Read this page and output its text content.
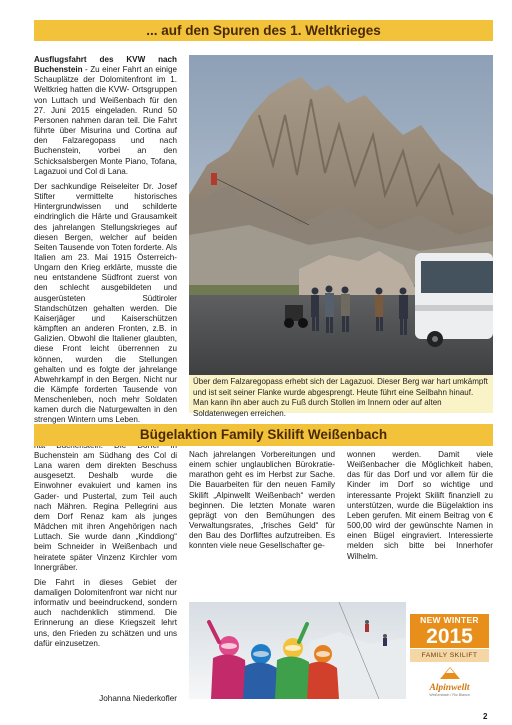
... auf den Spuren des 1. Weltkrieges

Ausflugsfahrt des KVW nach Buchenstein - Zu einer Fahrt an einige Schauplätze der Dolomitenfront im 1. Weltkrieg hatten die KVW- Ortsgruppen von Luttach und Weißenbach für den 27. Juni 2015 eingeladen. Rund 50 Personen nahmen daran teil. Die Fahrt führte über Misurina und Cortina auf den Falzaregopass und nach Buchenstein, vorbei an den Schicksalsbergen Monte Piano, Tofana, Lagazuoi und Col di Lana.

Der sachkundige Reiseleiter Dr. Josef Stifter vermittelte historisches Hintergrundwissen und schilderte eindringlich die Härte und Grausamkeit des jahrelangen Stellungskrieges auf diesen Bergen, welcher auf beiden Seiten Tausende von Toten forderte. Als Italien am 23. Mai 1915 Österreich-Ungarn den Krieg erklärte, musste die neu entstandene Südfront zuerst von den schlecht ausgebildeten und ausgerüsteten Südtiroler Standschützen gehalten werden. Die Kaiserjäger und Kaiserschützen kämpften an anderen Fronten, z.B. in Galizien. Obwohl die Italiener glaubten, diese Front leicht überrennen zu können, wurden die Stellungen gehalten und es folgte der jahrelange Abwehrkampf in den Bergen. Nicht nur die Kämpfe forderten Tausende von Menschenleben, noch mehr Soldaten kamen durch die Naturgewalten in den strengen Wintern ums Leben.

Buchenstein am Südhang des Col di Lana waren dem direkten Beschuss ausgesetzt. Deshalb wurde die Einwohner evakuiert und kamen ins Gader- und Pustertal, zum Teil auch nach Mähren. Regina Pellegrini aus dem Dorf Renaz kam als junges Mädchen mit ihren Angehörigen nach Luttach. Sie wurde dann „Kinddiong“ beim Schneider in Weißenbach und heiratete später Vinzenz Kirchler vom Innergräber.

Die Fahrt in dieses Gebiet der damaligen Dolomitenfront war nicht nur informativ und beeindruckend, sondern auch nachdenklich stimmend. Die Erinnerung an diese Kriegszeit lehrt uns, den Frieden zu schätzen und uns dafür einzusetzen.

Johanna Niederkofler
Über dem Falzaregopass erhebt sich der Lagazuoi. Dieser Berg war hart umkämpft und ist seit seiner Flanke wurde abgesprengt. Heute führt eine Seilbahn hinauf. Man kann ihn aber auch zu Fuß durch Stollen im Innern oder auf alten Soldatenwegen erreichen.
Bügelaktion Family Skilift Weißenbach

Nach jahrelangen Vorbereitungen und einem schier unglaublichen Bürokratie-marathon geht es im Herbst zur Sache. Die Bauarbeiten für den neuen Family Skilift „Alpinwellt Weißenbach“ werden beginnen. Die letzten Monate waren geprägt von den Bemühungen des Verwaltungsrates, „frisches Geld“ für den Bau des Dorfliftes aufzutreiben. Es konnten viele neue Gesellschafter ge-

wonnen werden. Damit viele Weißenbacher die Möglichkeit haben, das für das Dorf und vor allem für die Kinder im Dorf so wichtige und interessante Projekt Skilift finanziell zu unterstützen, wurde die Bügelaktion ins Leben gerufen. Mit einem Beitrag von € 500,00 wird der gewünschte Namen in einen Bügel eingraviert. Interessierte melden sich bitte bei Innerhofer Wilhelm.

NEW WINTER
2015
FAMILY SKILIFT
Alpinwellt
Weißenbach / Rio Bianco
2
